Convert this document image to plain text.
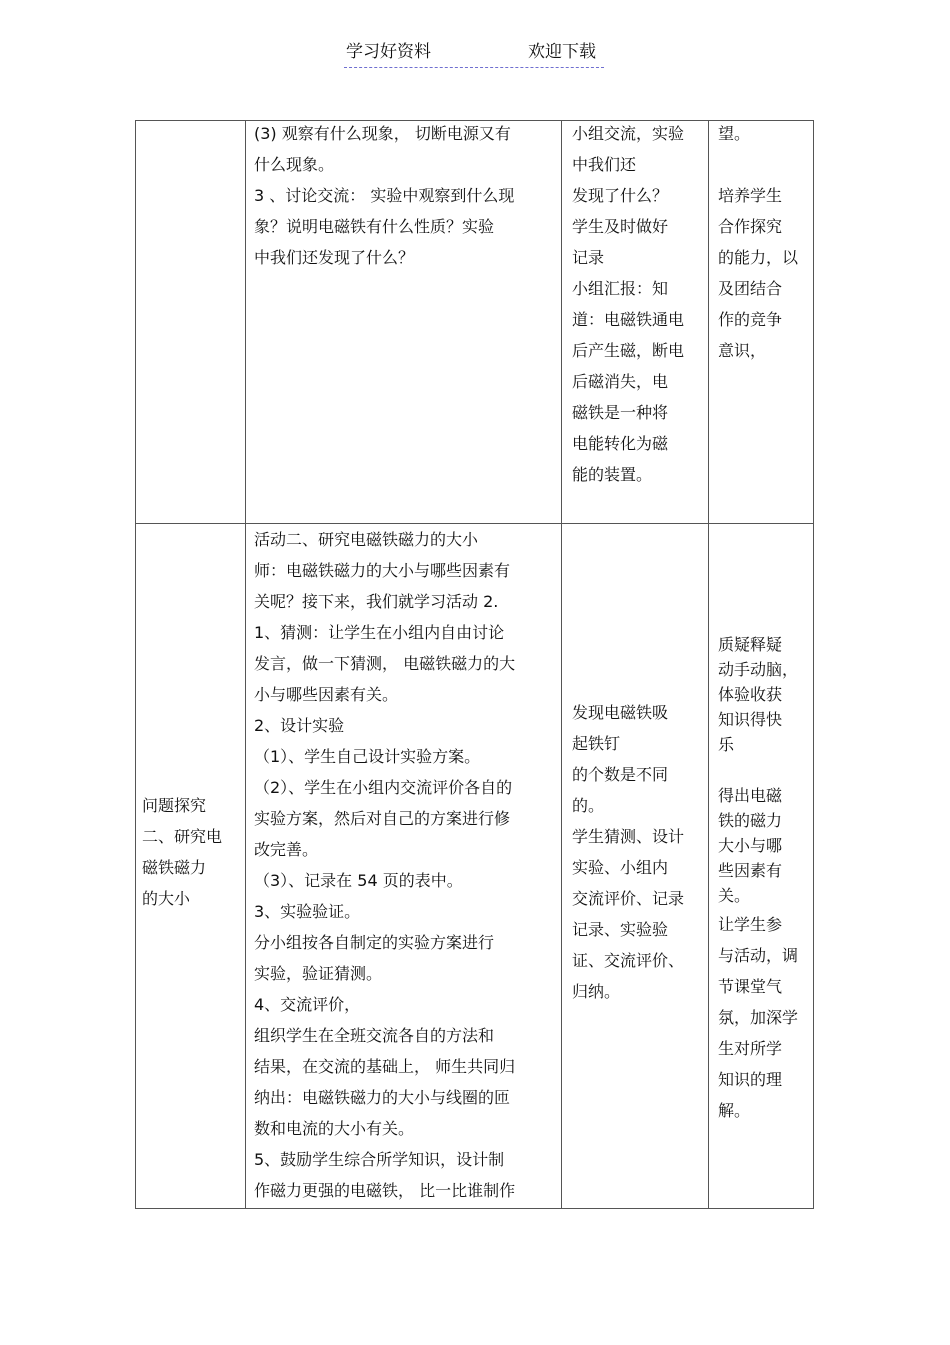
学习好资料	欢迎下载

(3) 观察有什么现象， 切断电源又有

什么现象。

3 、讨论交流： 实验中观察到什么现

象？说明电磁铁有什么性质？实验

中我们还发现了什么？

小组交流，实验

中我们还

发现了什么？

学生及时做好

记录

小组汇报：知

道：电磁铁通电

后产生磁，断电

后磁消失，电

磁铁是一种将

电能转化为磁

能的装置。

望。

培养学生

合作探究

的能力，以

及团结合

作的竞争

意识，

问题探究

二、研究电

磁铁磁力

的大小

活动二、研究电磁铁磁力的大小

师：电磁铁磁力的大小与哪些因素有

关呢？接下来，我们就学习活动 2.

1、猜测：让学生在小组内自由讨论

发言，做一下猜测， 电磁铁磁力的大

小与哪些因素有关。

2、设计实验

（1）、学生自己设计实验方案。

（2）、学生在小组内交流评价各自的

实验方案，然后对自己的方案进行修

改完善。

（3）、记录在 54 页的表中。

3、实验验证。

分小组按各自制定的实验方案进行

实验，验证猜测。

4、交流评价，

组织学生在全班交流各自的方法和

结果，在交流的基础上， 师生共同归

纳出：电磁铁磁力的大小与线圈的匝

数和电流的大小有关。

5、鼓励学生综合所学知识，设计制

作磁力更强的电磁铁， 比一比谁制作

发现电磁铁吸

起铁钉

的个数是不同

的。

学生猜测、设计

实验、小组内

交流评价、记录

记录、实验验

证、交流评价、

归纳。

质疑释疑

动手动脑，

体验收获

知识得快

乐

得出电磁

铁的磁力

大小与哪

些因素有

关。

让学生参

与活动，调

节课堂气

氛，加深学

生对所学

知识的理

解。
